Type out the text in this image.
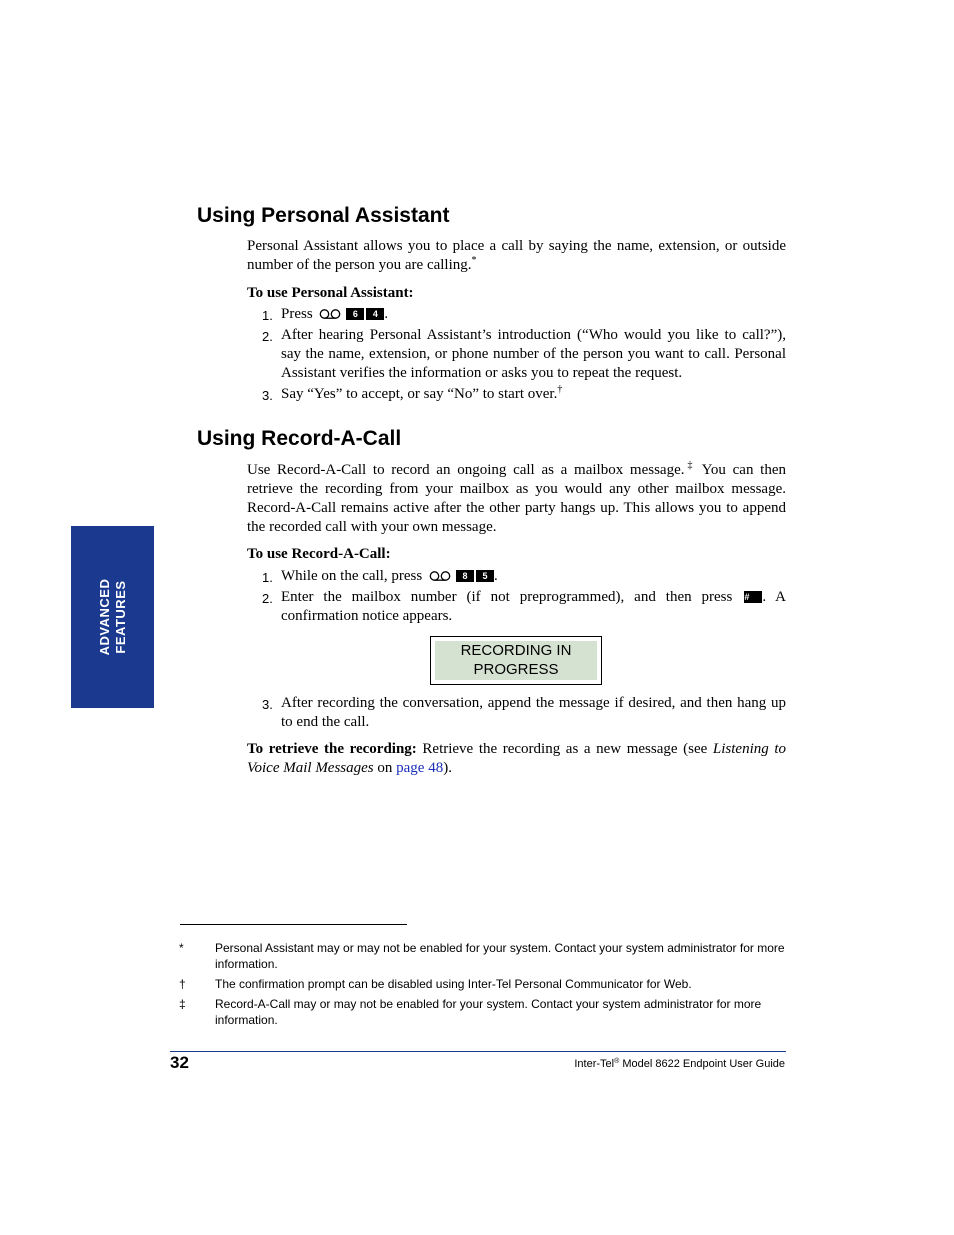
ADVANCED
FEATURES
Using Personal Assistant
Personal Assistant allows you to place a call by saying the name, extension, or outside number of the person you are calling.*
To use Personal Assistant:
1. Press	6 4 .
2. After hearing Personal Assistant’s introduction (“Who would you like to call?”), say the name, extension, or phone number of the person you want to call. Personal Assistant verifies the information or asks you to repeat the request.
3. Say “Yes” to accept, or say “No” to start over.†
Using Record-A-Call
Use Record-A-Call to record an ongoing call as a mailbox message.‡ You can then retrieve the recording from your mailbox as you would any other mailbox message. Record-A-Call remains active after the other party hangs up. This allows you to append the recorded call with your own message.
To use Record-A-Call:
1. While on the call, press	8 5 .
2. Enter the mailbox number (if not preprogrammed), and then press # . A confirmation notice appears.
RECORDING IN
PROGRESS
3. After recording the conversation, append the message if desired, and then hang up to end the call.
To retrieve the recording: Retrieve the recording as a new message (see Listening to Voice Mail Messages on page 48).
*	Personal Assistant may or may not be enabled for your system. Contact your system administrator for more information.
† The confirmation prompt can be disabled using Inter-Tel Personal Communicator for Web.
‡ Record-A-Call may or may not be enabled for your system. Contact your system administrator for more information.
32	Inter-Tel® Model 8622 Endpoint User Guide
